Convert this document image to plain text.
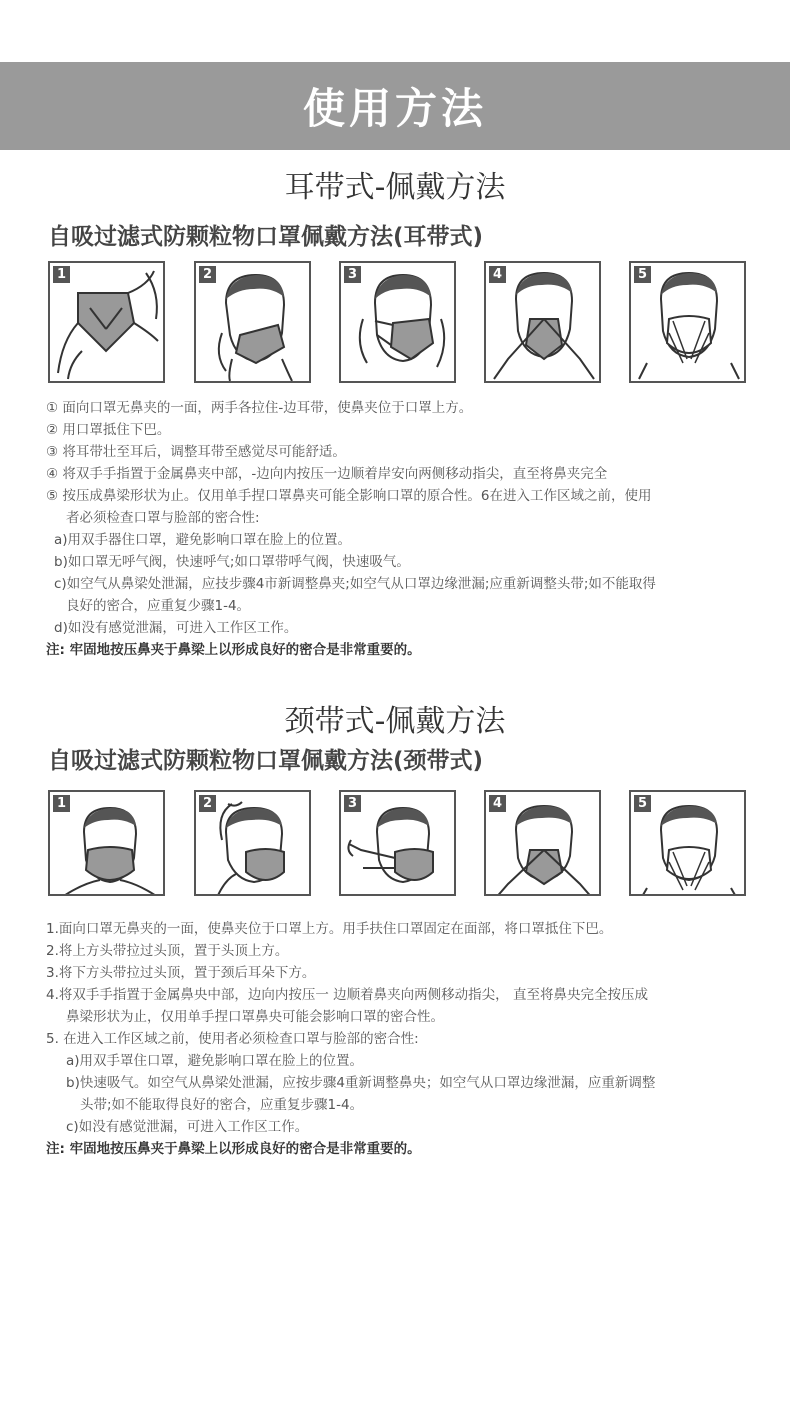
使用方法
耳带式-佩戴方法
自吸过滤式防颗粒物口罩佩戴方法(耳带式)
1	2	3	4	5

① 面向口罩无鼻夹的一面，两手各拉住-边耳带，使鼻夹位于口罩上方。

② 用口罩抵住下巴。

③ 将耳带壮至耳后，调整耳带至感觉尽可能舒适。

④ 将双手手指置于金属鼻夹中部，-边向内按压一边顺着岸安向两侧移动指尖，直至将鼻夹完全

⑤ 按压成鼻梁形状为止。仅用单手捏口罩鼻夹可能全影响口罩的原合性。6在进入工作区域之前，使用

者必须检查口罩与脸部的密合性:

a)用双手器住口罩，避免影响口罩在脸上的位置。

b)如口罩无呼气阀，快速呼气;如口罩带呼气阀，快速吸气。

c)如空气从鼻梁处泄漏，应技步骤4市新调整鼻夹;如空气从口罩边缘泄漏;应重新调整头带;如不能取得

良好的密合，应重复少骤1-4。

d)如没有感觉泄漏，可进入工作区工作。

注: 牢固地按压鼻夹于鼻梁上以形成良好的密合是非常重要的。

颈带式-佩戴方法
自吸过滤式防颗粒物口罩佩戴方法(颈带式)
1	2	3	4	5

1.面向口罩无鼻夹的一面，使鼻夹位于口罩上方。用手扶住口罩固定在面部，将口罩抵住下巴。

2.将上方头带拉过头顶，置于头顶上方。

3.将下方头带拉过头顶，置于颈后耳朵下方。

4.将双手手指置于金属鼻央中部，边向内按压一 边顺着鼻夹向两侧移动指尖， 直至将鼻央完全按压成

鼻梁形状为止，仅用单手捏口罩鼻央可能会影响口罩的密合性。

5. 在进入工作区域之前，使用者必须检查口罩与脸部的密合性:

a)用双手罩住口罩，避免影响口罩在脸上的位置。

b)快速吸气。如空气从鼻梁处泄漏，应按步骤4重新调整鼻央；如空气从口罩边缘泄漏，应重新调整

头带;如不能取得良好的密合，应重复步骤1-4。

c)如没有感觉泄漏，可进入工作区工作。

注: 牢固地按压鼻夹于鼻梁上以形成良好的密合是非常重要的。
